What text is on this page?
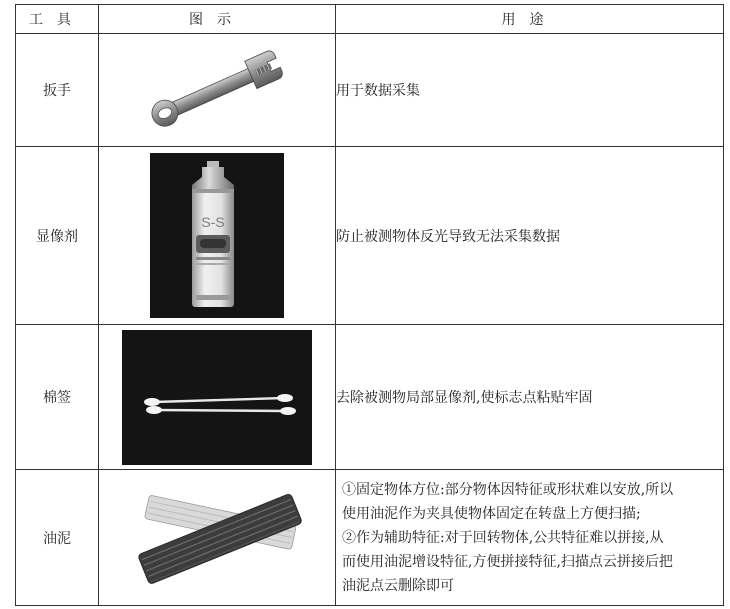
工具	图示	用途
扳手		用于数据采集
显像剂	S-S	防止被测物体反光导致无法采集数据
棉签		去除被测物局部显像剂,使标志点粘贴牢固
油泥		①固定物体方位:部分物体因特征或形状难以安放,所以
使用油泥作为夹具使物体固定在转盘上方便扫描;
②作为辅助特征:对于回转物体,公共特征难以拼接,从
而使用油泥增设特征,方便拼接特征,扫描点云拼接后把
油泥点云删除即可
